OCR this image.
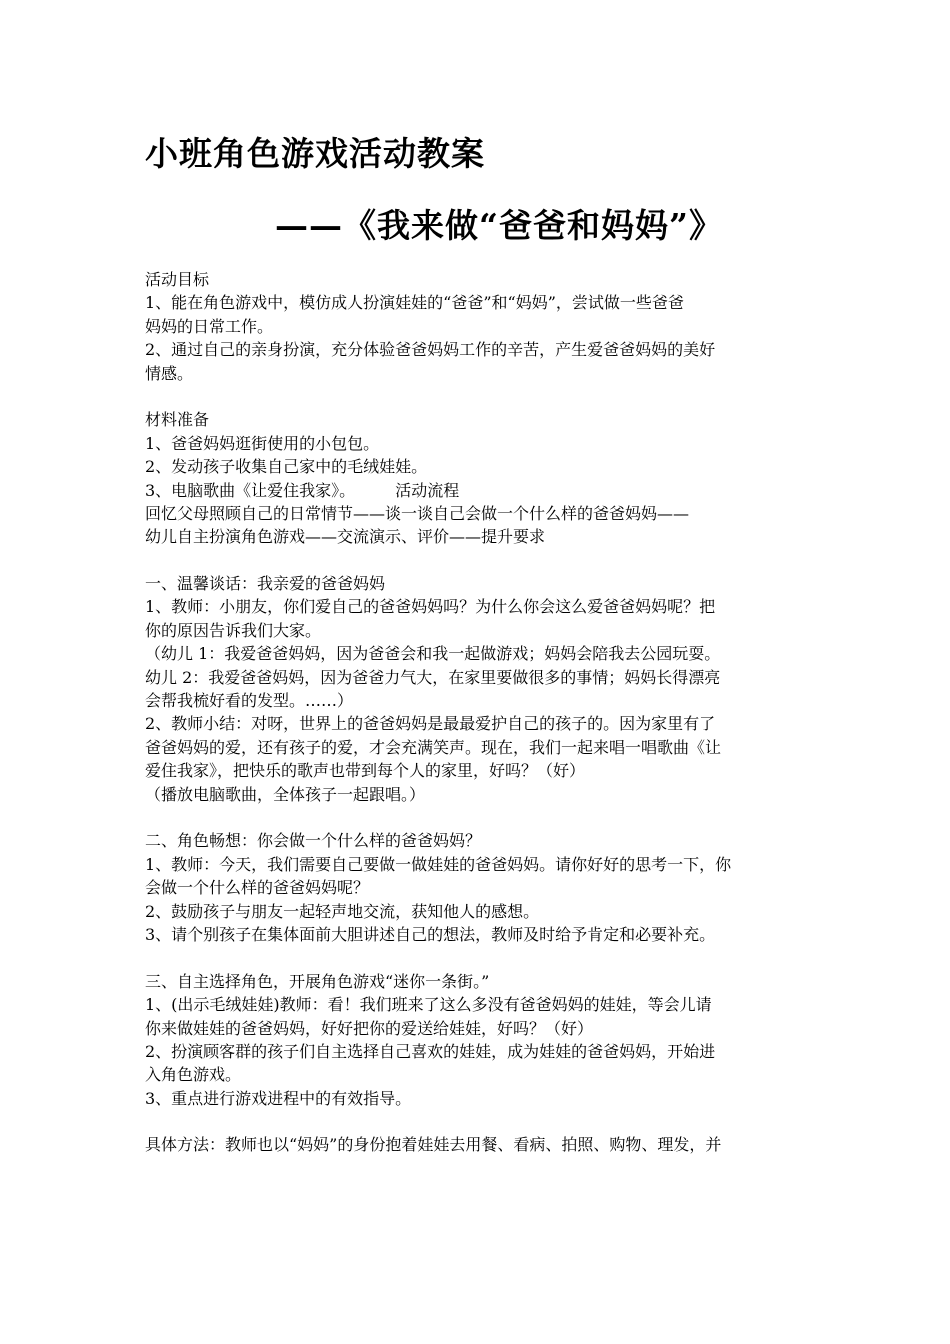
小班角色游戏活动教案
——《我来做“爸爸和妈妈”》
活动目标
1、能在角色游戏中，模仿成人扮演娃娃的“爸爸”和“妈妈”，尝试做一些爸爸
妈妈的日常工作。
2、通过自己的亲身扮演，充分体验爸爸妈妈工作的辛苦，产生爱爸爸妈妈的美好
情感。
材料准备
1、爸爸妈妈逛街使用的小包包。
2、发动孩子收集自己家中的毛绒娃娃。
3、电脑歌曲《让爱住我家》。	活动流程
回忆父母照顾自己的日常情节——谈一谈自己会做一个什么样的爸爸妈妈——
幼儿自主扮演角色游戏——交流演示、评价——提升要求
一、温馨谈话：我亲爱的爸爸妈妈
1、教师：小朋友，你们爱自己的爸爸妈妈吗？为什么你会这么爱爸爸妈妈呢？把
你的原因告诉我们大家。
（幼儿 1：我爱爸爸妈妈，因为爸爸会和我一起做游戏；妈妈会陪我去公园玩耍。
幼儿 2：我爱爸爸妈妈，因为爸爸力气大，在家里要做很多的事情；妈妈长得漂亮
会帮我梳好看的发型。……）
2、教师小结：对呀，世界上的爸爸妈妈是最最爱护自己的孩子的。因为家里有了
爸爸妈妈的爱，还有孩子的爱，才会充满笑声。现在，我们一起来唱一唱歌曲《让
爱住我家》，把快乐的歌声也带到每个人的家里，好吗？（好）
（播放电脑歌曲，全体孩子一起跟唱。）
二、角色畅想：你会做一个什么样的爸爸妈妈？
1、教师：今天，我们需要自己要做一做娃娃的爸爸妈妈。请你好好的思考一下，你
会做一个什么样的爸爸妈妈呢？
2、鼓励孩子与朋友一起轻声地交流，获知他人的感想。
3、请个别孩子在集体面前大胆讲述自己的想法，教师及时给予肯定和必要补充。
三、自主选择角色，开展角色游戏“迷你一条街。”
1、(出示毛绒娃娃)教师：看！我们班来了这么多没有爸爸妈妈的娃娃，等会儿请
你来做娃娃的爸爸妈妈，好好把你的爱送给娃娃，好吗？（好）
2、扮演顾客群的孩子们自主选择自己喜欢的娃娃，成为娃娃的爸爸妈妈，开始进
入角色游戏。
3、重点进行游戏进程中的有效指导。
具体方法：教师也以“妈妈”的身份抱着娃娃去用餐、看病、拍照、购物、理发，并
